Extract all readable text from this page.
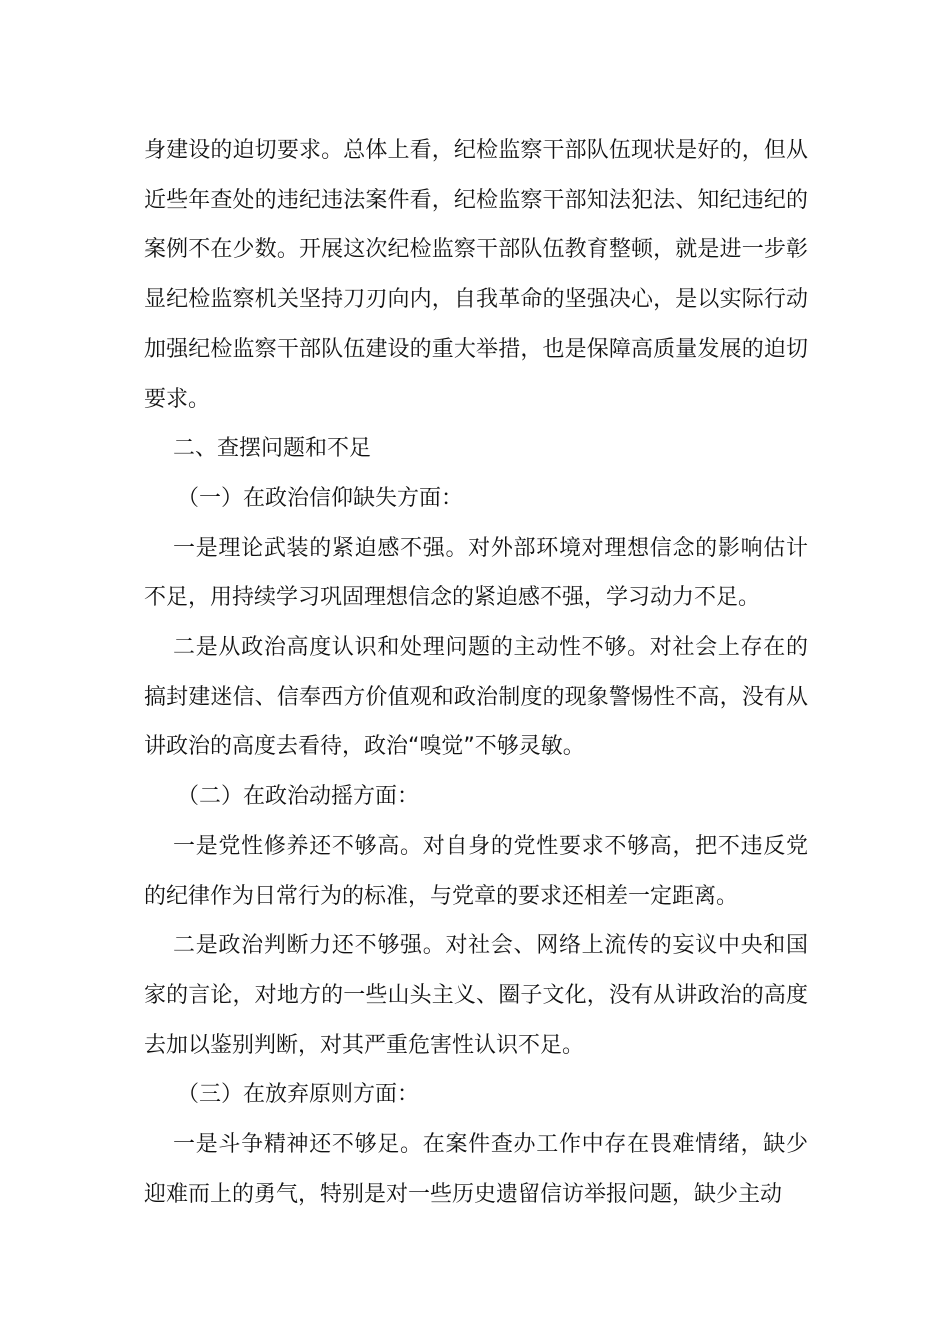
身建设的迫切要求。总体上看，纪检监察干部队伍现状是好的，但从近些年查处的违纪违法案件看，纪检监察干部知法犯法、知纪违纪的案例不在少数。开展这次纪检监察干部队伍教育整顿，就是进一步彰显纪检监察机关坚持刀刃向内，自我革命的坚强决心，是以实际行动加强纪检监察干部队伍建设的重大举措，也是保障高质量发展的迫切要求。

二、查摆问题和不足

（一）在政治信仰缺失方面：

一是理论武装的紧迫感不强。对外部环境对理想信念的影响估计不足，用持续学习巩固理想信念的紧迫感不强，学习动力不足。

二是从政治高度认识和处理问题的主动性不够。对社会上存在的搞封建迷信、信奉西方价值观和政治制度的现象警惕性不高，没有从讲政治的高度去看待，政治“嗅觉”不够灵敏。

（二）在政治动摇方面：

一是党性修养还不够高。对自身的党性要求不够高，把不违反党的纪律作为日常行为的标准，与党章的要求还相差一定距离。

二是政治判断力还不够强。对社会、网络上流传的妄议中央和国家的言论，对地方的一些山头主义、圈子文化，没有从讲政治的高度去加以鉴别判断，对其严重危害性认识不足。

（三）在放弃原则方面：

一是斗争精神还不够足。在案件查办工作中存在畏难情绪，缺少迎难而上的勇气，特别是对一些历史遗留信访举报问题，缺少主动
